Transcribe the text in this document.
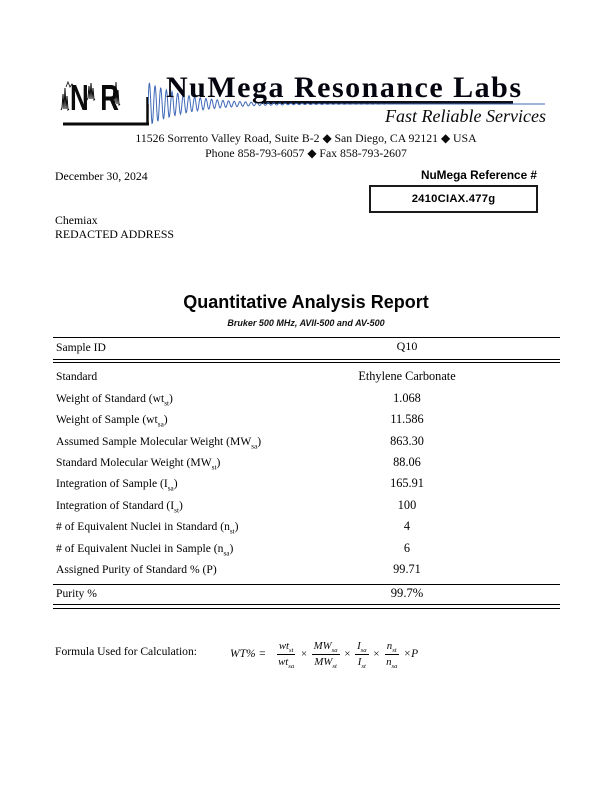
N R NuMega Resonance Labs
Fast Reliable Services
11526 Sorrento Valley Road, Suite B-2 ◆ San Diego, CA 92121 ◆ USA
Phone 858-793-6057 ◆ Fax 858-793-2607
December 30, 2024	NuMega Reference #
2410CIAX.477g
Chemiax
REDACTED ADDRESS
Quantitative Analysis Report
Bruker 500 MHz, AVII-500 and AV-500
Sample ID	Q10
Standard	Ethylene Carbonate
Weight of Standard $(wt_{st})$	1.068
Weight of Sample $(wt_{sa})$	11.586
Assumed Sample Molecular Weight $(MW_{sa})$	863.30
Standard Molecular Weight $(MW_{st})$	88.06
Integration of Sample $(I_{sa})$	165.91
Integration of Standard $(I_{st})$	100
# of Equivalent Nuclei in Standard $(n_{st})$	4
# of Equivalent Nuclei in Sample $(n_{sa})$	6
Assigned Purity of Standard % (P)	99.71
Purity %	99.7%
Formula Used for Calculation:	$WT\% = \frac{wt_{st}}{wt_{sa}} \times \frac{MW_{sa}}{MW_{st}} \times \frac{I_{sa}}{I_{st}} \times \frac{n_{st}}{n_{sa}} \times P$
